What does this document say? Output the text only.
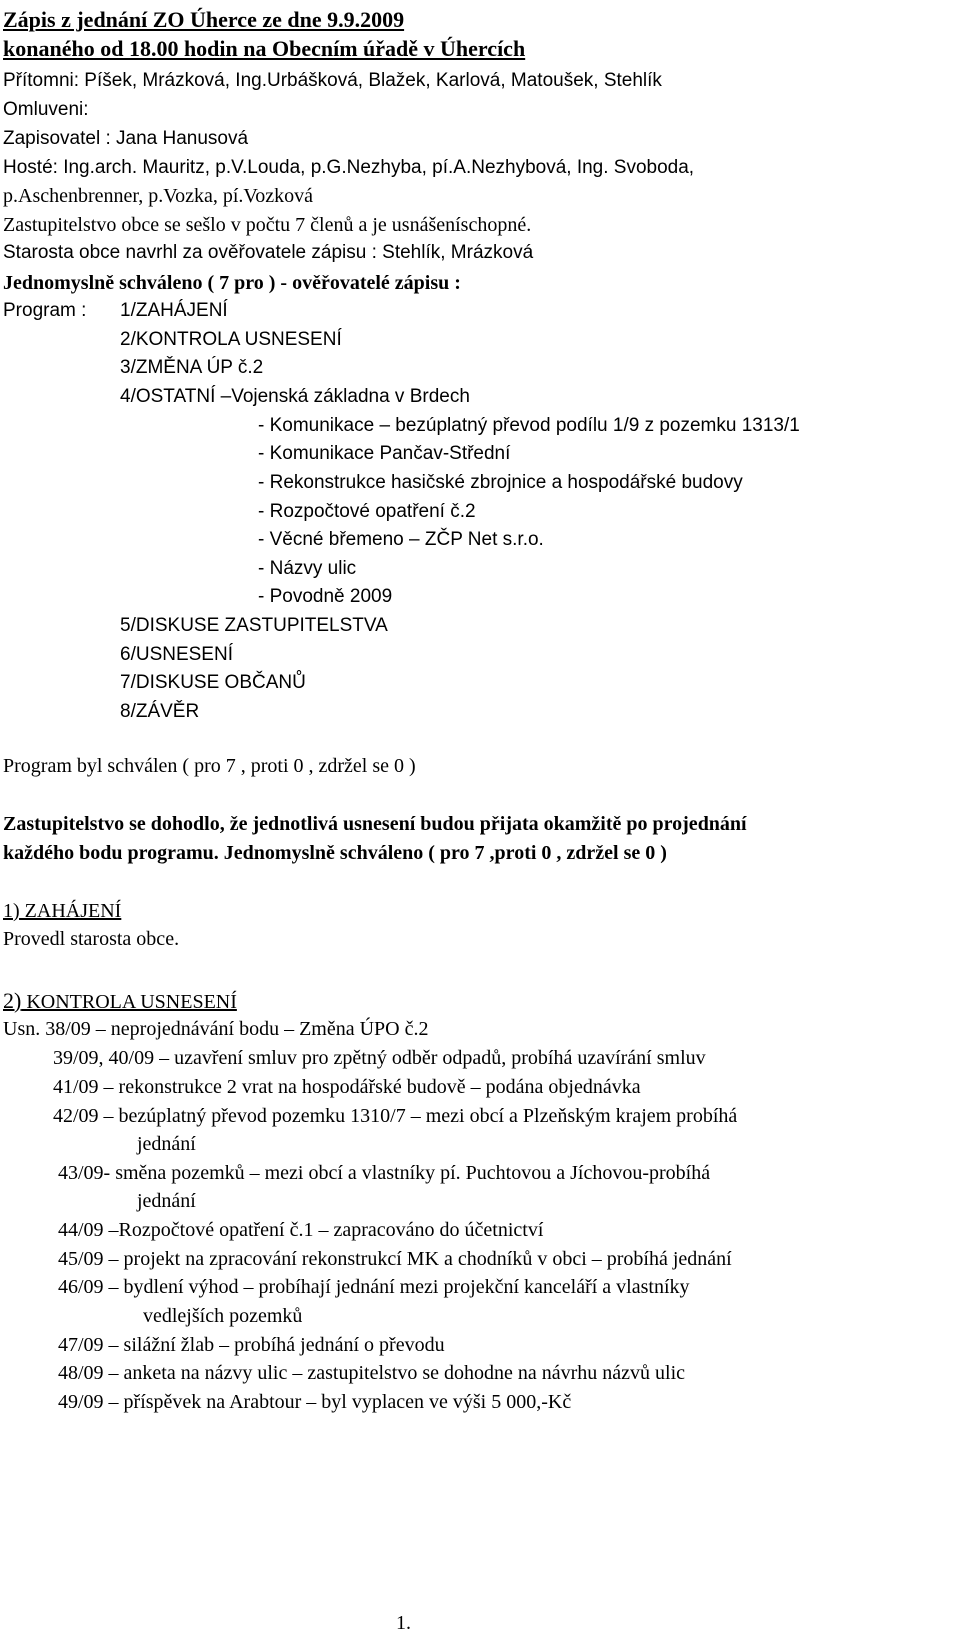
Zápis z jednání ZO Úherce ze dne 9.9.2009
konaného od 18.00 hodin na Obecním úřadě v Úhercích
Přítomni: Píšek, Mrázková, Ing.Urbášková, Blažek, Karlová, Matoušek, Stehlík
Omluveni:
Zapisovatel : Jana Hanusová
Hosté: Ing.arch. Mauritz, p.V.Louda, p.G.Nezhyba, pí.A.Nezhybová, Ing. Svoboda,
p.Aschenbrenner, p.Vozka, pí.Vozková
Zastupitelstvo obce se sešlo v počtu 7 členů a je usnášeníschopné.
Starosta obce navrhl za ověřovatele zápisu : Stehlík, Mrázková
Jednomyslně schváleno ( 7 pro ) - ověřovatelé zápisu :
Program : 1/ZAHÁJENÍ
2/KONTROLA USNESENÍ
3/ZMĚNA ÚP č.2
4/OSTATNÍ –Vojenská základna v Brdech
- Komunikace – bezúplatný převod podílu 1/9 z pozemku 1313/1
- Komunikace Pančav-Střední
- Rekonstrukce hasičské zbrojnice a hospodářské budovy
- Rozpočtové opatření č.2
- Věcné břemeno – ZČP Net s.r.o.
- Názvy ulic
- Povodně 2009
5/DISKUSE ZASTUPITELSTVA
6/USNESENÍ
7/DISKUSE OBČANŮ
8/ZÁVĚR
Program byl schválen ( pro 7 , proti 0 , zdržel se 0 )
Zastupitelstvo se dohodlo, že jednotlivá usnesení budou přijata okamžitě po projednání
každého bodu programu. Jednomyslně schváleno ( pro 7 ,proti 0 , zdržel se 0 )
1) ZAHÁJENÍ
Provedl starosta obce.
2) KONTROLA USNESENÍ
Usn. 38/09 – neprojednávání bodu – Změna ÚPO č.2
39/09, 40/09 – uzavření smluv pro zpětný odběr odpadů, probíhá uzavírání smluv
41/09 – rekonstrukce 2 vrat na hospodářské budově – podána objednávka
42/09 – bezúplatný převod pozemku 1310/7 – mezi obcí a Plzeňským krajem probíhá
jednání
43/09- směna pozemků – mezi obcí a vlastníky pí. Puchtovou a Jíchovou-probíhá
jednání
44/09 –Rozpočtové opatření č.1 – zapracováno do účetnictví
45/09 – projekt na zpracování rekonstrukcí MK a chodníků v obci – probíhá jednání
46/09 – bydlení výhod – probíhají jednání mezi projekční kanceláří a vlastníky
vedlejších pozemků
47/09 – silážní žlab – probíhá jednání o převodu
48/09 – anketa na názvy ulic – zastupitelstvo se dohodne na návrhu názvů ulic
49/09 – příspěvek na Arabtour – byl vyplacen ve výši 5 000,-Kč
1.
